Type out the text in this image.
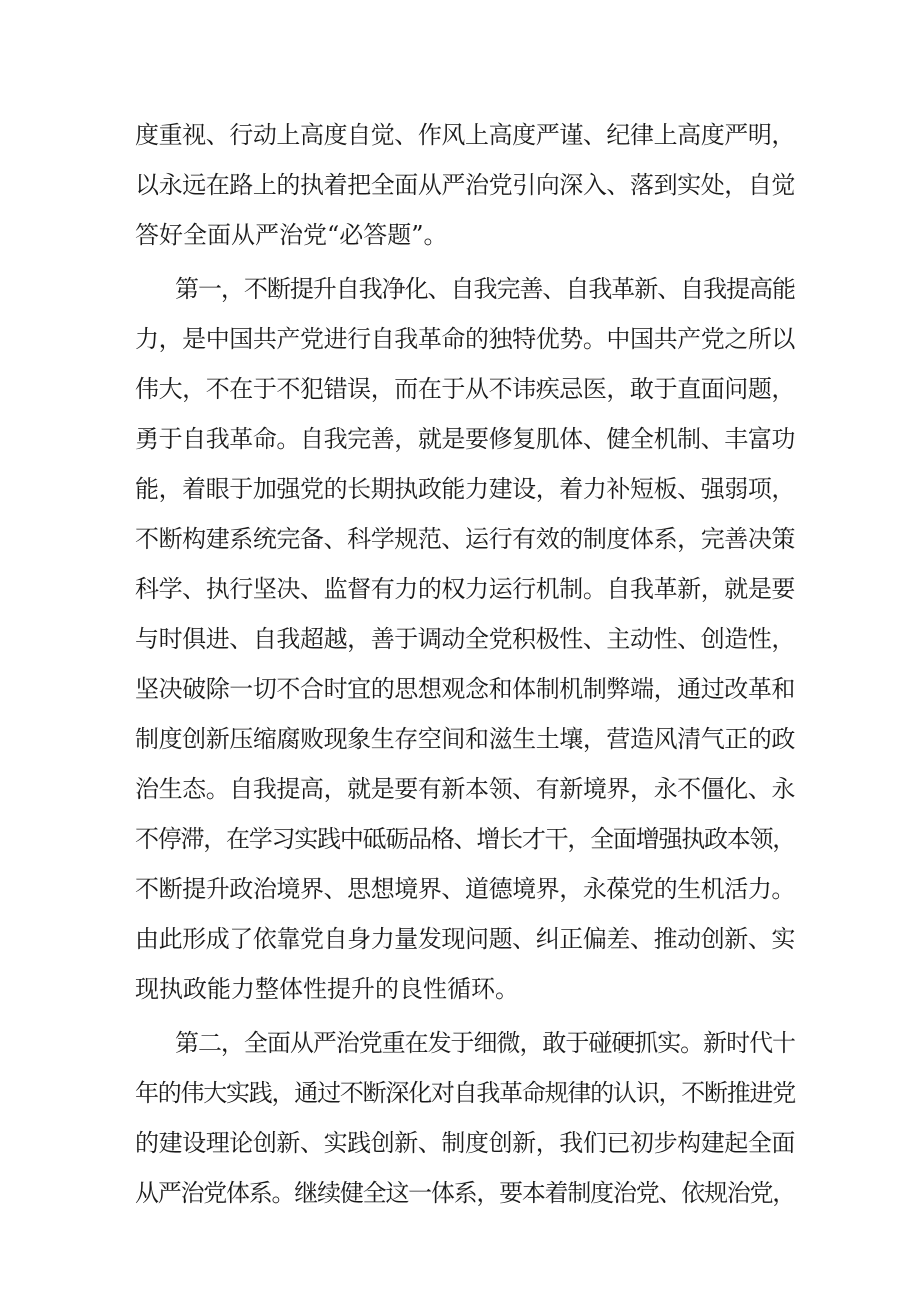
度重视、行动上高度自觉、作风上高度严谨、纪律上高度严明，
以永远在路上的执着把全面从严治党引向深入、落到实处，自觉
答好全面从严治党“必答题”。
第一，不断提升自我净化、自我完善、自我革新、自我提高能
力，是中国共产党进行自我革命的独特优势。中国共产党之所以
伟大，不在于不犯错误，而在于从不讳疾忌医，敢于直面问题，
勇于自我革命。自我完善，就是要修复肌体、健全机制、丰富功
能，着眼于加强党的长期执政能力建设，着力补短板、强弱项，
不断构建系统完备、科学规范、运行有效的制度体系，完善决策
科学、执行坚决、监督有力的权力运行机制。自我革新，就是要
与时俱进、自我超越，善于调动全党积极性、主动性、创造性，
坚决破除一切不合时宜的思想观念和体制机制弊端，通过改革和
制度创新压缩腐败现象生存空间和滋生土壤，营造风清气正的政
治生态。自我提高，就是要有新本领、有新境界，永不僵化、永
不停滞，在学习实践中砥砺品格、增长才干，全面增强执政本领，
不断提升政治境界、思想境界、道德境界，永葆党的生机活力。
由此形成了依靠党自身力量发现问题、纠正偏差、推动创新、实
现执政能力整体性提升的良性循环。
第二，全面从严治党重在发于细微，敢于碰硬抓实。新时代十
年的伟大实践，通过不断深化对自我革命规律的认识，不断推进党
的建设理论创新、实践创新、制度创新，我们已初步构建起全面
从严治党体系。继续健全这一体系，要本着制度治党、依规治党，
